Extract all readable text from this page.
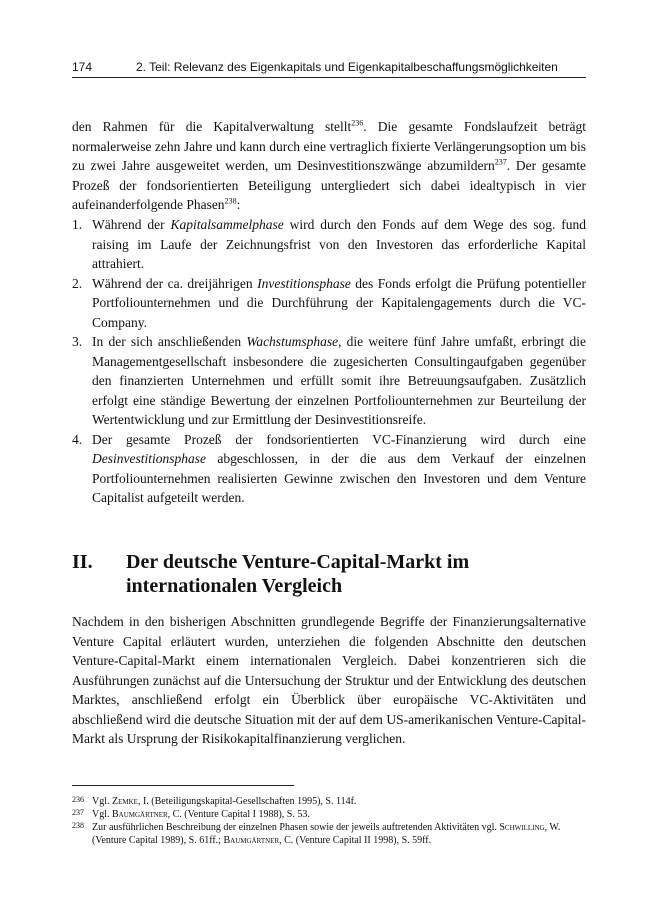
174	2. Teil: Relevanz des Eigenkapitals und Eigenkapitalbeschaffungsmöglichkeiten

den Rahmen für die Kapitalverwaltung stellt$^{236}$. Die gesamte Fondslaufzeit beträgt normalerweise zehn Jahre und kann durch eine vertraglich fixierte Verlängerungsoption um bis zu zwei Jahre ausgeweitet werden, um Desinvestitionszwänge abzumildern$^{237}$. Der gesamte Prozeß der fondsorientierten Beteiligung untergliedert sich dabei idealtypisch in vier aufeinanderfolgende Phasen$^{238}$:

1. Während der Kapitalsammelphase wird durch den Fonds auf dem Wege des sog. fund raising im Laufe der Zeichnungsfrist von den Investoren das erforderliche Kapital attrahiert.
2. Während der ca. dreijährigen Investitionsphase des Fonds erfolgt die Prüfung potentieller Portfoliounternehmen und die Durchführung der Kapitalengagements durch die VC-Company.
3. In der sich anschließenden Wachstumsphase, die weitere fünf Jahre umfaßt, erbringt die Managementgesellschaft insbesondere die zugesicherten Consultingaufgaben gegenüber den finanzierten Unternehmen und erfüllt somit ihre Betreuungsaufgaben. Zusätzlich erfolgt eine ständige Bewertung der einzelnen Portfoliounternehmen zur Beurteilung der Wertentwicklung und zur Ermittlung der Desinvestitionsreife.
4. Der gesamte Prozeß der fondsorientierten VC-Finanzierung wird durch eine Desinvestitionsphase abgeschlossen, in der die aus dem Verkauf der einzelnen Portfoliounternehmen realisierten Gewinne zwischen den Investoren und dem Venture Capitalist aufgeteilt werden.
II.	Der deutsche Venture-Capital-Markt im internationalen Vergleich

Nachdem in den bisherigen Abschnitten grundlegende Begriffe der Finanzierungsalternative Venture Capital erläutert wurden, unterziehen die folgenden Abschnitte den deutschen Venture-Capital-Markt einem internationalen Vergleich. Dabei konzentrieren sich die Ausführungen zunächst auf die Untersuchung der Struktur und der Entwicklung des deutschen Marktes, anschließend erfolgt ein Überblick über europäische VC-Aktivitäten und abschließend wird die deutsche Situation mit der auf dem US-amerikanischen Venture-Capital-Markt als Ursprung der Risikokapitalfinanzierung verglichen.

236 Vgl. Zemke, I. (Beteiligungskapital-Gesellschaften 1995), S. 114f.
237 Vgl. Baumgärtner, C. (Venture Capital I 1988), S. 53.
238 Zur ausführlichen Beschreibung der einzelnen Phasen sowie der jeweils auftretenden Aktivitäten vgl. Schwilling, W. (Venture Capital 1989), S. 61ff.; Baumgärtner, C. (Venture Capital II 1998), S. 59ff.
